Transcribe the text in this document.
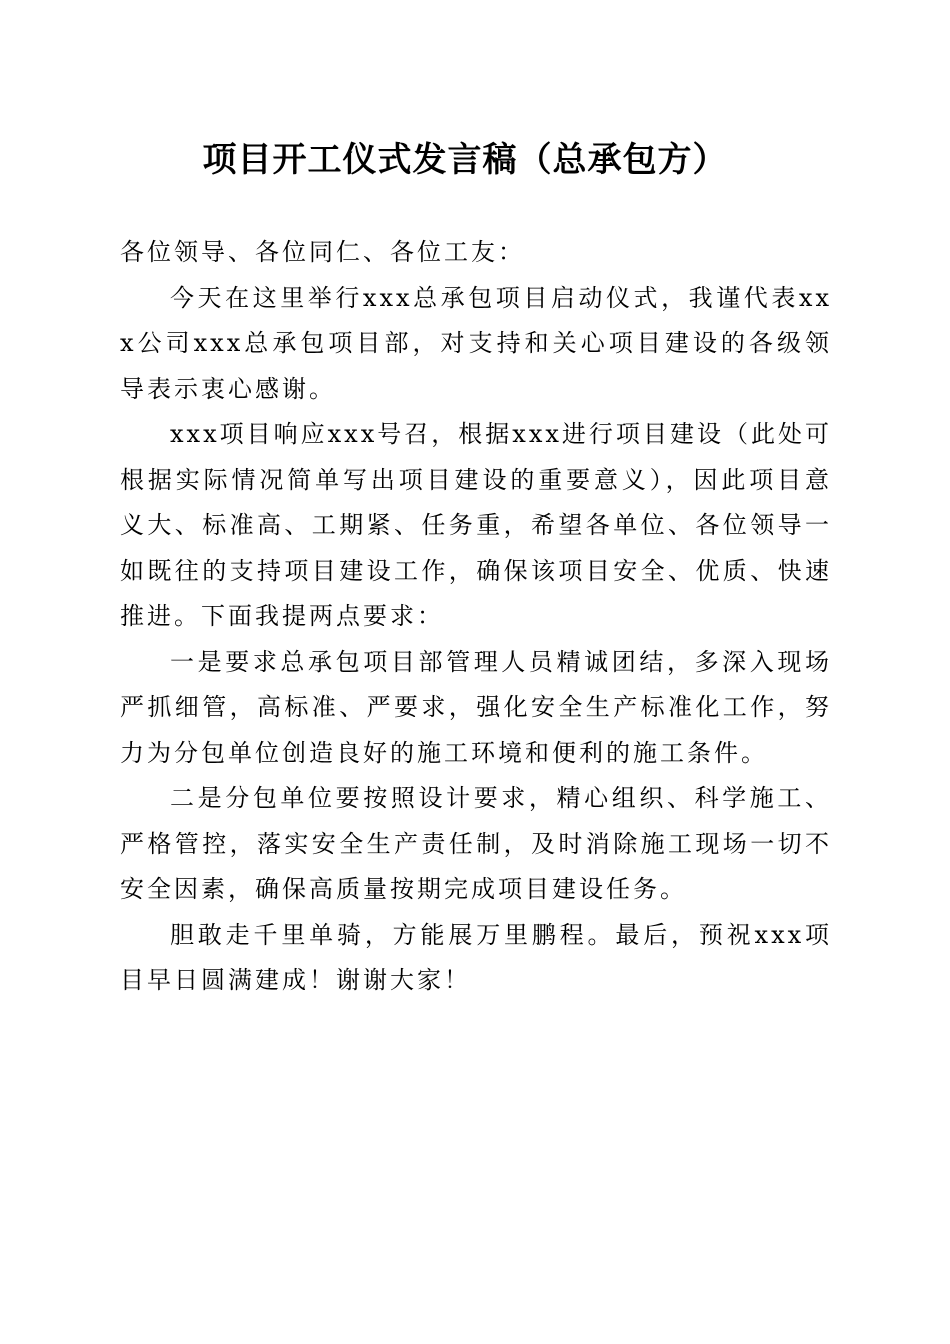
项目开工仪式发言稿（总承包方）

各位领导、各位同仁、各位工友：

今天在这里举行xxx总承包项目启动仪式，我谨代表xxx公司xxx总承包项目部，对支持和关心项目建设的各级领导表示衷心感谢。

xxx项目响应xxx号召，根据xxx进行项目建设（此处可根据实际情况简单写出项目建设的重要意义），因此项目意义大、标准高、工期紧、任务重，希望各单位、各位领导一如既往的支持项目建设工作，确保该项目安全、优质、快速推进。下面我提两点要求：

一是要求总承包项目部管理人员精诚团结，多深入现场严抓细管，高标准、严要求，强化安全生产标准化工作，努力为分包单位创造良好的施工环境和便利的施工条件。

二是分包单位要按照设计要求，精心组织、科学施工、严格管控，落实安全生产责任制，及时消除施工现场一切不安全因素，确保高质量按期完成项目建设任务。

胆敢走千里单骑，方能展万里鹏程。最后，预祝xxx项目早日圆满建成！谢谢大家！
